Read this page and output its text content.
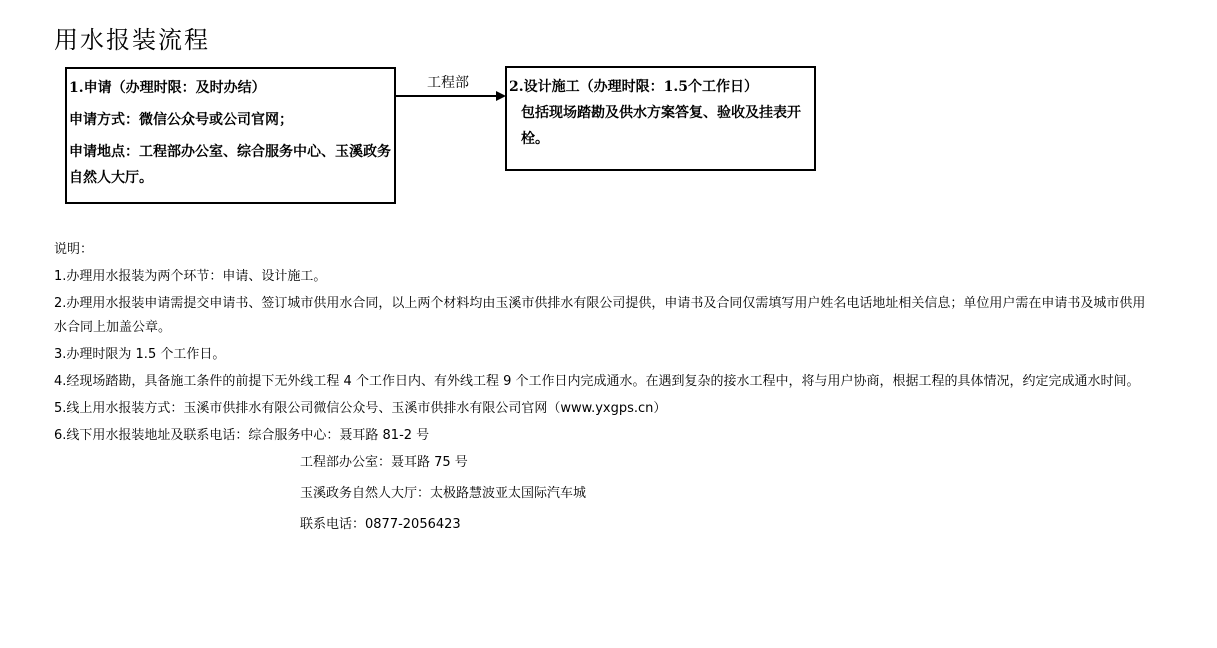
用水报装流程

1.申请（办理时限：及时办结）

申请方式：微信公众号或公司官网；

申请地点：工程部办公室、综合服务中心、玉溪政务自然人大厅。

工程部	2.设计施工（办理时限：1.5个工作日）

包括现场踏勘及供水方案答复、验收及挂表开栓。

说明：

1.办理用水报装为两个环节：申请、设计施工。

2.办理用水报装申请需提交申请书、签订城市供用水合同，以上两个材料均由玉溪市供排水有限公司提供，申请书及合同仅需填写用户姓名电话地址相关信息；单位用户需在申请书及城市供用水合同上加盖公章。

3.办理时限为 1.5 个工作日。

4.经现场踏勘，具备施工条件的前提下无外线工程 4 个工作日内、有外线工程 9 个工作日内完成通水。在遇到复杂的接水工程中，将与用户协商，根据工程的具体情况，约定完成通水时间。

5.线上用水报装方式：玉溪市供排水有限公司微信公众号、玉溪市供排水有限公司官网（www.yxgps.cn）

6.线下用水报装地址及联系电话：综合服务中心：聂耳路 81-2 号

工程部办公室：聂耳路 75 号

玉溪政务自然人大厅：太极路慧波亚太国际汽车城

联系电话：0877-2056423
